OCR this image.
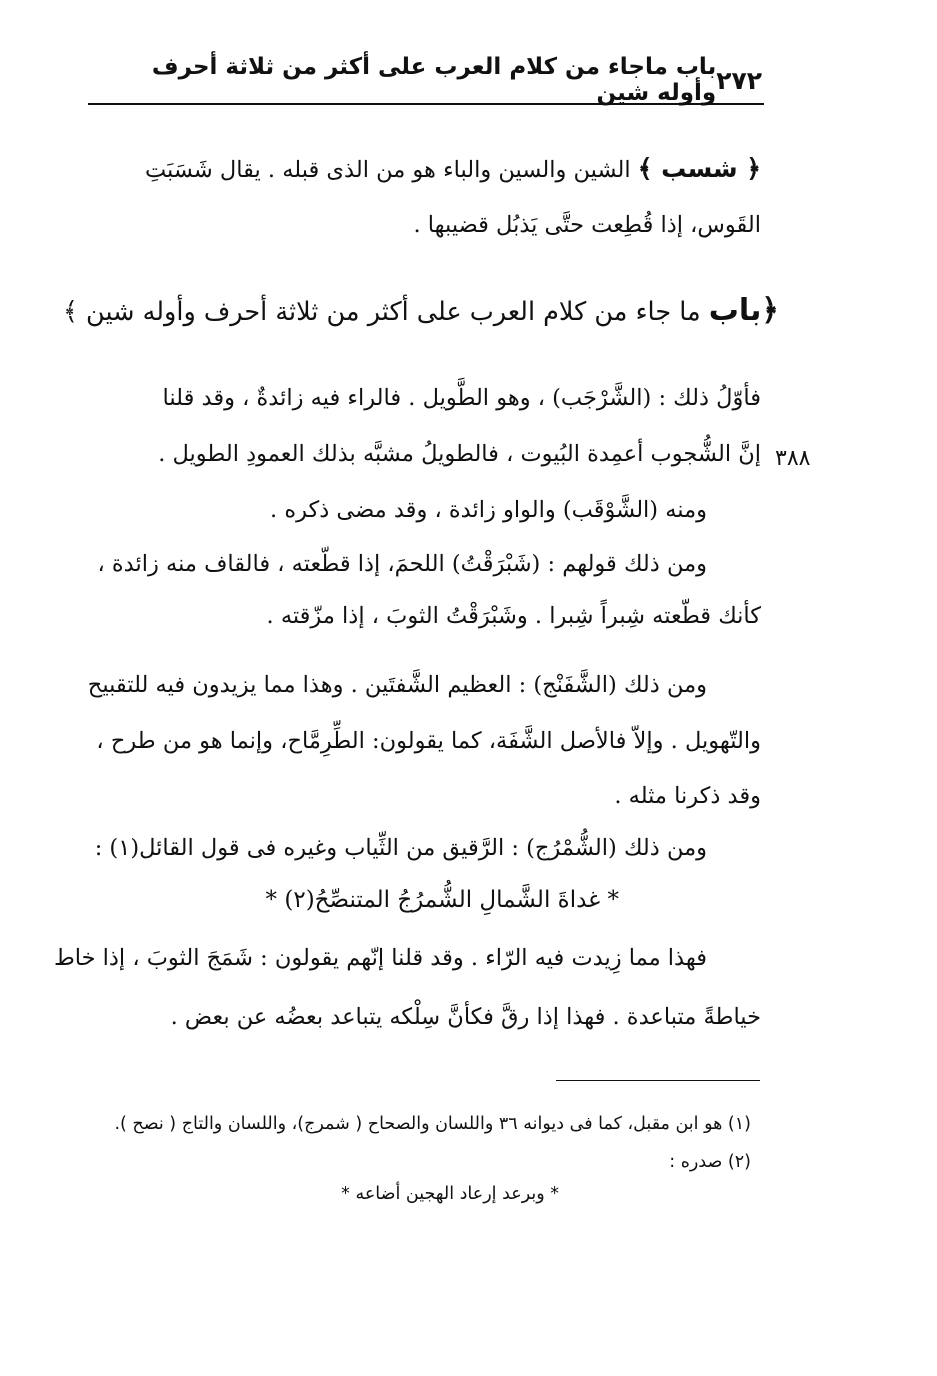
٢٧٢
باب ماجاء من كلام العرب على أكثر من ثلاثة أحرف وأوله شين
﴿ شسب ﴾ الشين والسين والباء هو من الذى قبله . يقال شَسَبَتِ
القَوس، إذا قُطِعت حتَّى يَذبُل قضيبها .
﴿باب ما جاء من كلام العرب على أكثر من ثلاثة أحرف وأوله شين ﴾
فأوّلُ ذلك : (الشَّرْجَب) ، وهو الطَّويل . فالراء فيه زائدةٌ ، وقد قلنا
إنَّ الشُّجوب أعمِدة البُيوت ، فالطويلُ مشبَّه بذلك العمودِ الطويل . ٣٨٨
ومنه (الشَّوْقَب) والواو زائدة ، وقد مضى ذكره .
ومن ذلك قولهم : (شَبْرَقْتُ) اللحمَ، إذا قطّعته ، فالقاف منه زائدة ،
كأنك قطّعته شِبراً شِبرا . وشَبْرَقْتُ الثوبَ ، إذا مزّقته .
ومن ذلك (الشَّفَنْج) : العظيم الشَّفتَين . وهذا مما يزيدون فيه للتقبيح
والتّهويل . وإلاّ فالأصل الشَّفَة، كما يقولون: الطِّرِمَّاح، وإنما هو من طرح ،
وقد ذكرنا مثله .
ومن ذلك (الشُّمْرُج) : الرَّقيق من الثِّياب وغيره فى قول القائل(١) :
* غداةَ الشَّمالِ الشُّمرُجُ المتنصِّحُ(٢) *
فهذا مما زِيدت فيه الرّاء . وقد قلنا إنّهم يقولون : شَمَجَ الثوبَ ، إذا خاط
خياطةً متباعدة . فهذا إذا رقَّ فكأنَّ سِلْكه يتباعد بعضُه عن بعض .
(١) هو ابن مقبل، كما فى ديوانه ٣٦ واللسان والصحاح ( شمرج)، واللسان والتاج ( نصح ).
(٢) صدره :
* وبرعد إرعاد الهجين أضاعه *
